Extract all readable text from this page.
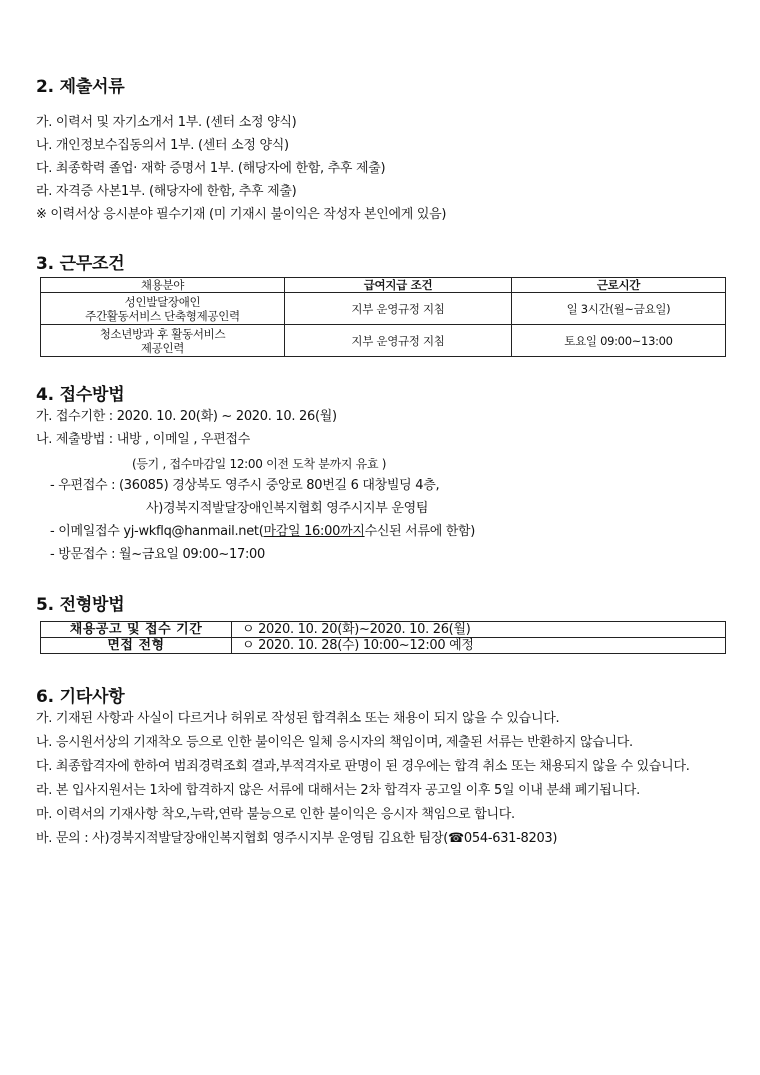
2. 제출서류
가. 이력서 및 자기소개서 1부. (센터 소정 양식)
나. 개인정보수집동의서 1부. (센터 소정 양식)
다. 최종학력 졸업· 재학 증명서 1부. (해당자에 한함, 추후 제출)
라. 자격증 사본1부. (해당자에 한함, 추후 제출)
※ 이력서상 응시분야 필수기재 (미 기재시 불이익은 작성자 본인에게 있음)
3. 근무조건
채용분야	급여지급 조건	근로시간

성인발달장애인
주간활동서비스 단축형제공인력	지부 운영규정 지침	일 3시간(월~금요일)

청소년방과 후 활동서비스
제공인력	지부 운영규정 지침	토요일 09:00~13:00
4. 접수방법
가. 접수기한 : 2020. 10. 20(화) ~ 2020. 10. 26(월)
나. 제출방법 : 내방 , 이메일 , 우편접수
(등기 , 접수마감일 12:00 이전 도착 분까지 유효 )
- 우편접수 : (36085) 경상북도 영주시 중앙로 80번길 6 대창빌딩 4층,
사)경북지적발달장애인복지협회 영주시지부 운영팀
- 이메일접수 yj-wkflq@hanmail.net(마감일 16:00까지수신된 서류에 한함)
- 방문접수 : 월~금요일 09:00~17:00
5. 전형방법
채용공고 및 접수 기간	ㅇ 2020. 10. 20(화)~2020. 10. 26(월)
면접 전형	ㅇ 2020. 10. 28(수) 10:00~12:00 예정
6. 기타사항
가. 기재된 사항과 사실이 다르거나 허위로 작성된 합격취소 또는 채용이 되지 않을 수 있습니다.
나. 응시원서상의 기재착오 등으로 인한 불이익은 일체 응시자의 책임이며, 제출된 서류는 반환하지 않습니다.
다. 최종합격자에 한하여 범죄경력조회 결과,부적격자로 판명이 된 경우에는 합격 취소 또는 채용되지 않을 수 있습니다.
라. 본 입사지원서는 1차에 합격하지 않은 서류에 대해서는 2차 합격자 공고일 이후 5일 이내 분쇄 폐기됩니다.
마. 이력서의 기재사항 착오,누락,연락 불능으로 인한 불이익은 응시자 책임으로 합니다.
바. 문의 : 사)경북지적발달장애인복지협회 영주시지부 운영팀 김요한 팀장(☎054-631-8203)
